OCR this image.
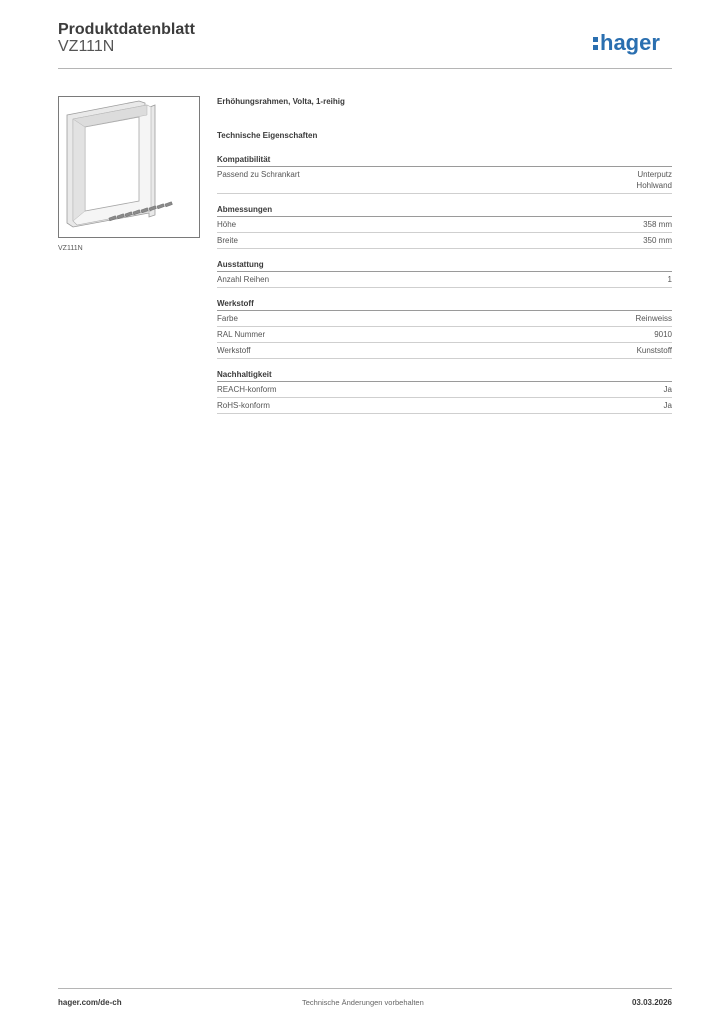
Produktdatenblatt
VZ111N	hager
VZ111N
Erhöhungsrahmen, Volta, 1-reihig
Technische Eigenschaften
Kompatibilität
Passend zu Schrankart	Unterputz
Hohlwand
Abmessungen
Höhe	358 mm
Breite	350 mm
Ausstattung
Anzahl Reihen	1
Werkstoff
Farbe	Reinweiss
RAL Nummer	9010
Werkstoff	Kunststoff
Nachhaltigkeit
REACH-konform	Ja
RoHS-konform	Ja
hager.com/de-ch	Technische Änderungen vorbehalten	03.03.2026
